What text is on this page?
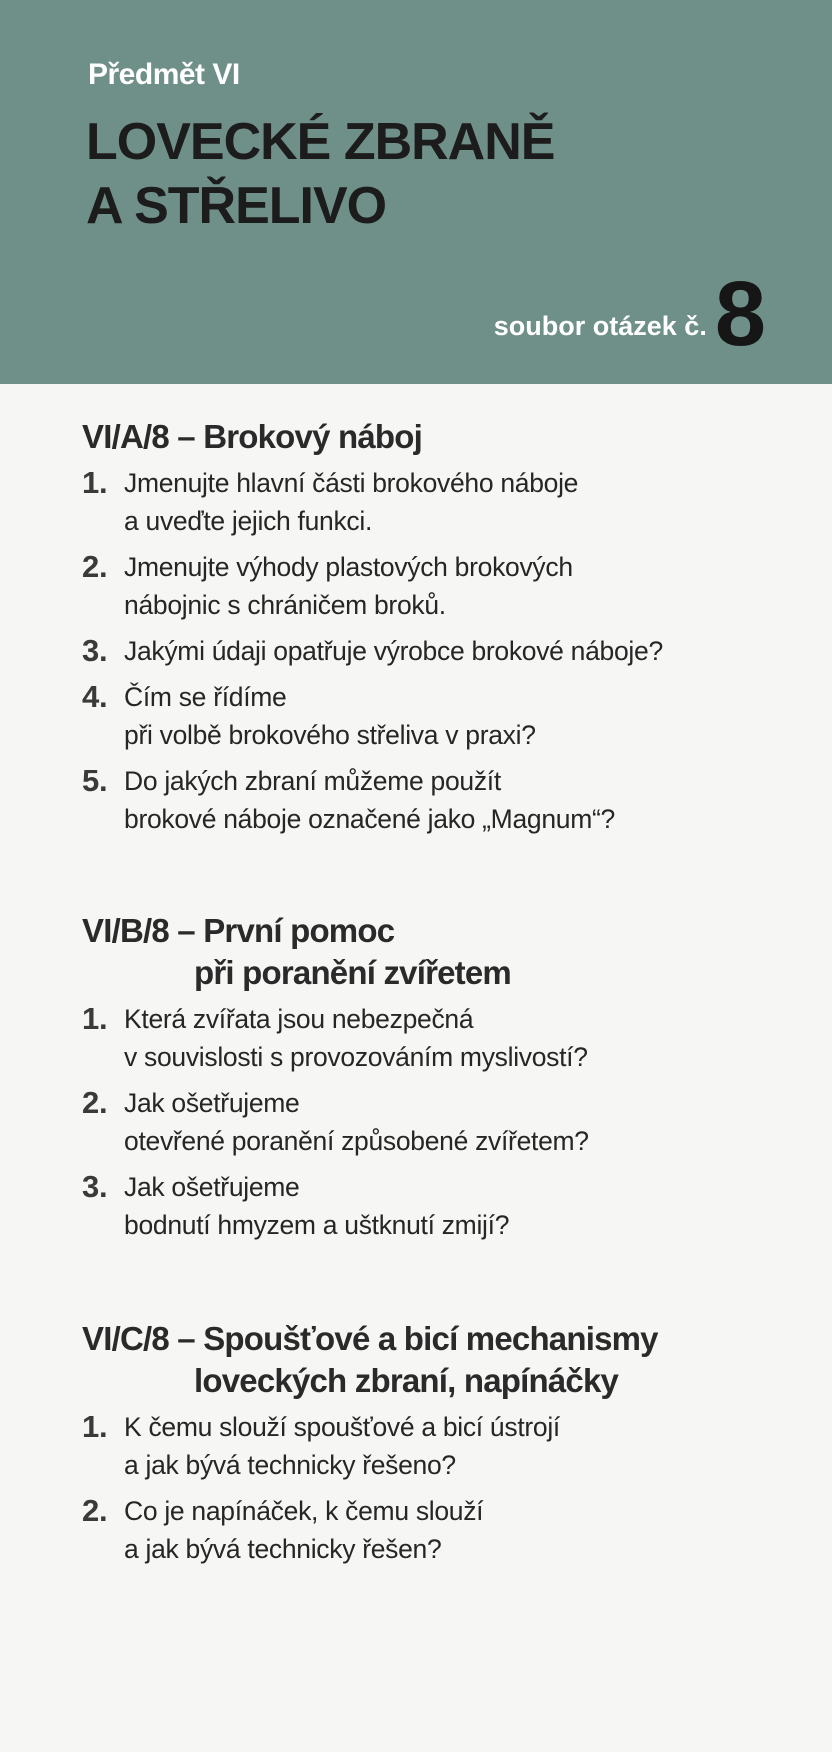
Předmět VI
LOVECKÉ ZBRANĚ
A STŘELIVO
soubor otázek č. 8
VI/A/8 – Brokový náboj
1. Jmenujte hlavní části brokového náboje
a uveďte jejich funkci.
2. Jmenujte výhody plastových brokových
nábojnic s chráničem broků.
3. Jakými údaji opatřuje výrobce brokové náboje?
4. Čím se řídíme
při volbě brokového střeliva v praxi?
5. Do jakých zbraní můžeme použít
brokové náboje označené jako „Magnum“?
VI/B/8 – První pomoc
při poranění zvířetem
1. Která zvířata jsou nebezpečná
v souvislosti s provozováním myslivostí?
2. Jak ošetřujeme
otevřené poranění způsobené zvířetem?
3. Jak ošetřujeme
bodnutí hmyzem a uštknutí zmijí?
VI/C/8 – Spoušťové a bicí mechanismy
loveckých zbraní, napínáčky
1. K čemu slouží spoušťové a bicí ústrojí
a jak bývá technicky řešeno?
2. Co je napínáček, k čemu slouží
a jak bývá technicky řešen?
